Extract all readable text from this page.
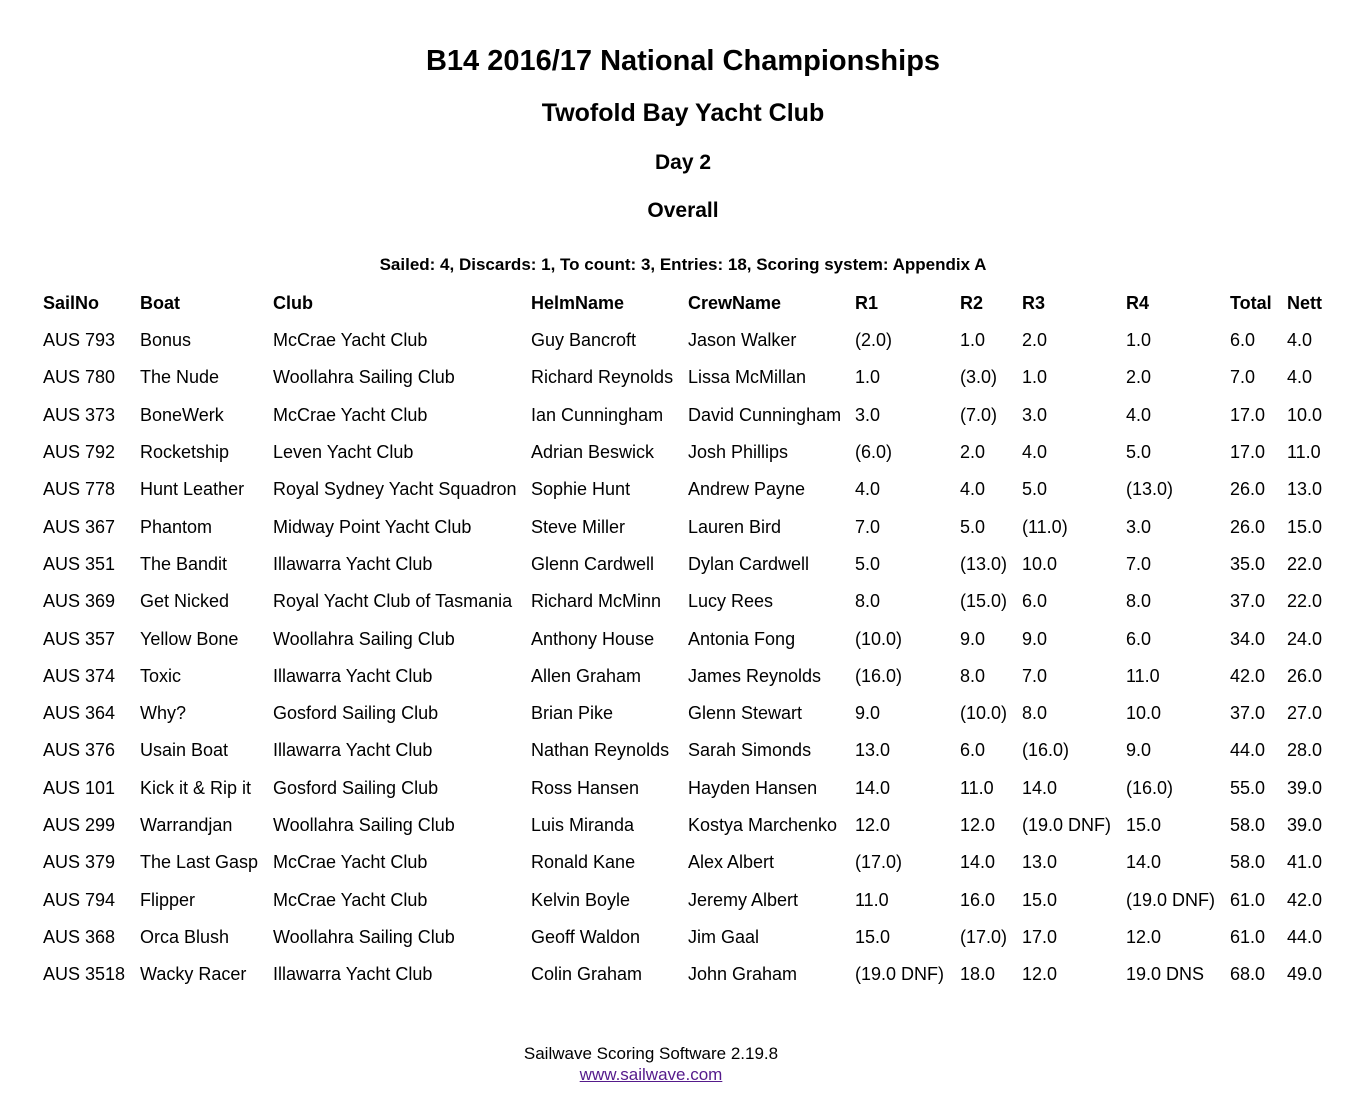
B14 2016/17 National Championships
Twofold Bay Yacht Club
Day 2
Overall
Sailed: 4, Discards: 1, To count: 3, Entries: 18, Scoring system: Appendix A
SailNo	Boat	Club	HelmName	CrewName	R1	R2	R3	R4	Total	Nett
AUS 793	Bonus	McCrae Yacht Club	Guy Bancroft	Jason Walker	(2.0)	1.0	2.0	1.0	6.0	4.0
AUS 780	The Nude	Woollahra Sailing Club	Richard Reynolds	Lissa McMillan	1.0	(3.0)	1.0	2.0	7.0	4.0
AUS 373	BoneWerk	McCrae Yacht Club	Ian Cunningham	David Cunningham	3.0	(7.0)	3.0	4.0	17.0	10.0
AUS 792	Rocketship	Leven Yacht Club	Adrian Beswick	Josh Phillips	(6.0)	2.0	4.0	5.0	17.0	11.0
AUS 778	Hunt Leather	Royal Sydney Yacht Squadron	Sophie Hunt	Andrew Payne	4.0	4.0	5.0	(13.0)	26.0	13.0
AUS 367	Phantom	Midway Point Yacht Club	Steve Miller	Lauren Bird	7.0	5.0	(11.0)	3.0	26.0	15.0
AUS 351	The Bandit	Illawarra Yacht Club	Glenn Cardwell	Dylan Cardwell	5.0	(13.0)	10.0	7.0	35.0	22.0
AUS 369	Get Nicked	Royal Yacht Club of Tasmania	Richard McMinn	Lucy Rees	8.0	(15.0)	6.0	8.0	37.0	22.0
AUS 357	Yellow Bone	Woollahra Sailing Club	Anthony House	Antonia Fong	(10.0)	9.0	9.0	6.0	34.0	24.0
AUS 374	Toxic	Illawarra Yacht Club	Allen Graham	James Reynolds	(16.0)	8.0	7.0	11.0	42.0	26.0
AUS 364	Why?	Gosford Sailing Club	Brian Pike	Glenn Stewart	9.0	(10.0)	8.0	10.0	37.0	27.0
AUS 376	Usain Boat	Illawarra Yacht Club	Nathan Reynolds	Sarah Simonds	13.0	6.0	(16.0)	9.0	44.0	28.0
AUS 101	Kick it & Rip it	Gosford Sailing Club	Ross Hansen	Hayden Hansen	14.0	11.0	14.0	(16.0)	55.0	39.0
AUS 299	Warrandjan	Woollahra Sailing Club	Luis Miranda	Kostya Marchenko	12.0	12.0	(19.0 DNF)	15.0	58.0	39.0
AUS 379	The Last Gasp	McCrae Yacht Club	Ronald Kane	Alex Albert	(17.0)	14.0	13.0	14.0	58.0	41.0
AUS 794	Flipper	McCrae Yacht Club	Kelvin Boyle	Jeremy Albert	11.0	16.0	15.0	(19.0 DNF)	61.0	42.0
AUS 368	Orca Blush	Woollahra Sailing Club	Geoff Waldon	Jim Gaal	15.0	(17.0)	17.0	12.0	61.0	44.0
AUS 3518	Wacky Racer	Illawarra Yacht Club	Colin Graham	John Graham	(19.0 DNF)	18.0	12.0	19.0 DNS	68.0	49.0
Sailwave Scoring Software 2.19.8
www.sailwave.com
